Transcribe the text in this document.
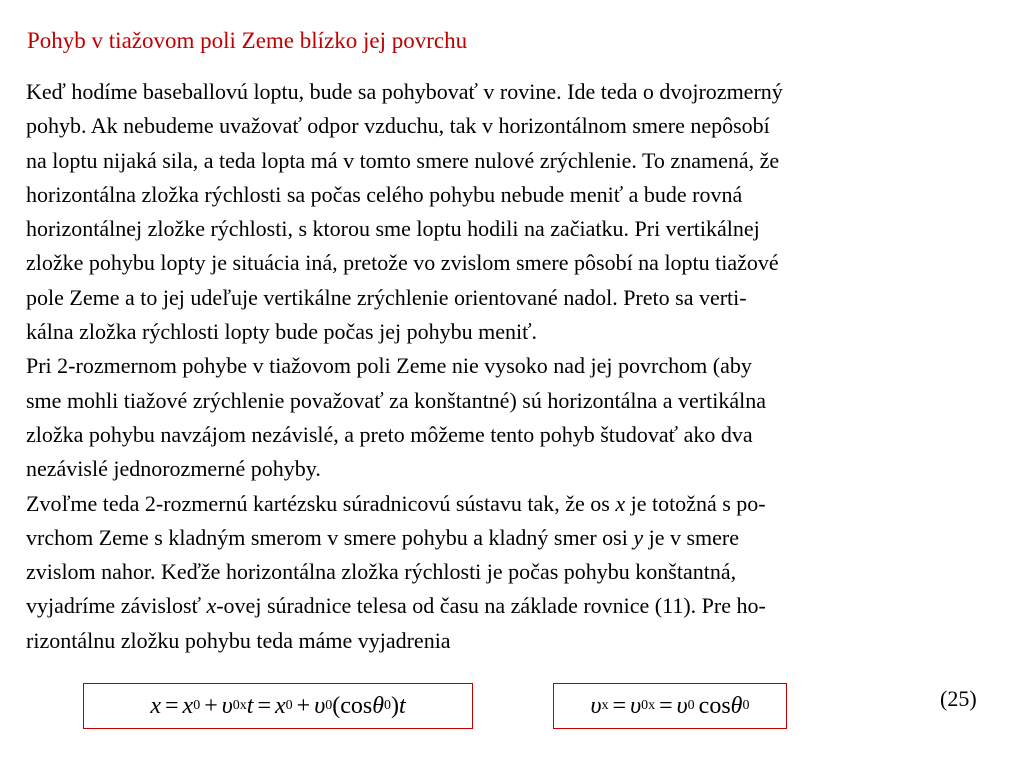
Pohyb v tiažovom poli Zeme blízko jej povrchu
Keď hodíme baseballovú loptu, bude sa pohybovať v rovine. Ide teda o dvojrozmerný
pohyb. Ak nebudeme uvažovať odpor vzduchu, tak v horizontálnom smere nepôsobí
na loptu nijaká sila, a teda lopta má v tomto smere nulové zrýchlenie. To znamená, že
horizontálna zložka rýchlosti sa počas celého pohybu nebude meniť a bude rovná
horizontálnej zložke rýchlosti, s ktorou sme loptu hodili na začiatku. Pri vertikálnej
zložke pohybu lopty je situácia iná, pretože vo zvislom smere pôsobí na loptu tiažové
pole Zeme a to jej udeľuje vertikálne zrýchlenie orientované nadol. Preto sa verti-
kálna zložka rýchlosti lopty bude počas jej pohybu meniť.
Pri 2-rozmernom pohybe v tiažovom poli Zeme nie vysoko nad jej povrchom (aby
sme mohli tiažové zrýchlenie považovať za konštantné) sú horizontálna a vertikálna
zložka pohybu navzájom nezávislé, a preto môžeme tento pohyb študovať ako dva
nezávislé jednorozmerné pohyby.
Zvoľme teda 2-rozmernú kartézsku súradnicovú sústavu tak, že os x je totožná s po-
vrchom Zeme s kladným smerom v smere pohybu a kladný smer osi y je v smere
zvislom nahor. Keďže horizontálna zložka rýchlosti je počas pohybu konštantná,
vyjadríme závislosť x-ovej súradnice telesa od času na základe rovnice (11). Pre ho-
rizontálnu zložku pohybu teda máme vyjadrenia
x = x 0 + υ 0x t = x 0 + υ 0 (cos θ 0 ) t	υ x = υ 0x = υ 0 cos θ 0	(25)
